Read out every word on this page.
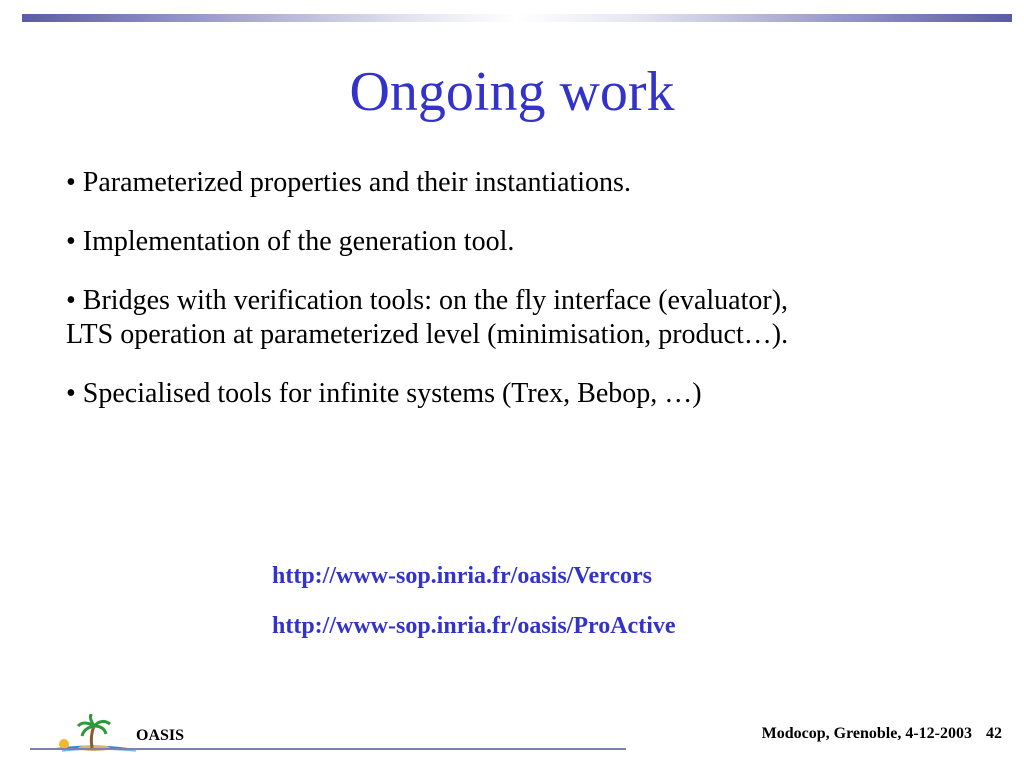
Ongoing work
• Parameterized properties and their instantiations.
• Implementation of the generation tool.
• Bridges with verification tools: on the fly interface (evaluator),
LTS operation at parameterized level (minimisation, product…).
• Specialised tools for infinite systems (Trex, Bebop, …)
http://www-sop.inria.fr/oasis/Vercors
http://www-sop.inria.fr/oasis/ProActive
OASIS	Modocop, Grenoble, 4-12-2003 42
